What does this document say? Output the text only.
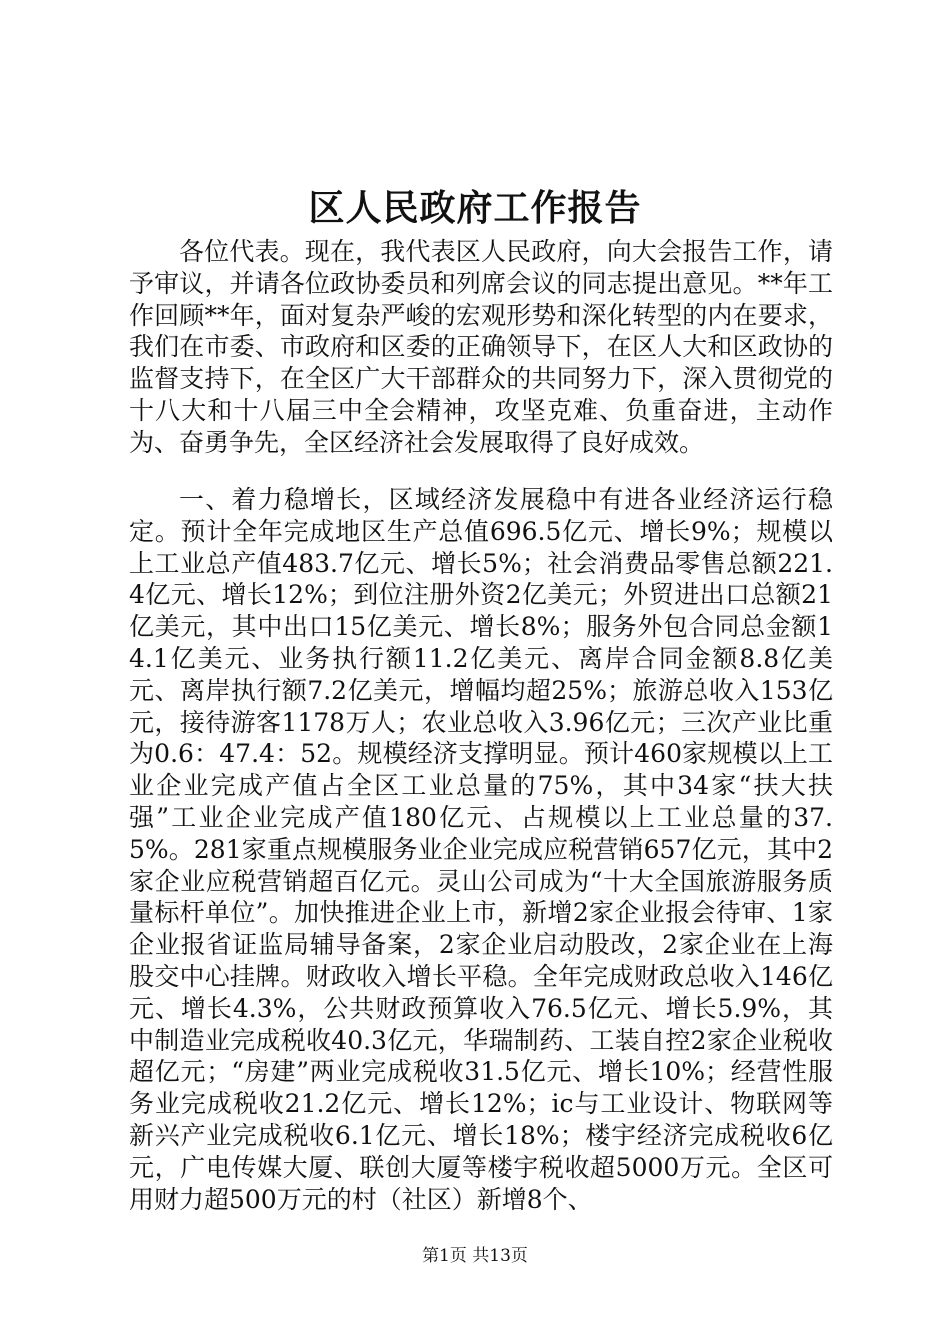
区人民政府工作报告

各位代表。现在，我代表区人民政府，向大会报告工作，请予审议，并请各位政协委员和列席会议的同志提出意见。**年工作回顾**年，面对复杂严峻的宏观形势和深化转型的内在要求，我们在市委、市政府和区委的正确领导下，在区人大和区政协的监督支持下，在全区广大干部群众的共同努力下，深入贯彻党的十八大和十八届三中全会精神，攻坚克难、负重奋进，主动作为、奋勇争先，全区经济社会发展取得了良好成效。

一、着力稳增长，区域经济发展稳中有进各业经济运行稳定。预计全年完成地区生产总值696.5亿元、增长9%；规模以上工业总产值483.7亿元、增长5%；社会消费品零售总额221.4亿元、增长12%；到位注册外资2亿美元；外贸进出口总额21亿美元，其中出口15亿美元、增长8%；服务外包合同总金额14.1亿美元、业务执行额11.2亿美元、离岸合同金额8.8亿美元、离岸执行额7.2亿美元，增幅均超25%；旅游总收入153亿元，接待游客1178万人；农业总收入3.96亿元；三次产业比重为0.6：47.4：52。规模经济支撑明显。预计460家规模以上工业企业完成产值占全区工业总量的75%，其中34家“扶大扶强”工业企业完成产值180亿元、占规模以上工业总量的37.5%。281家重点规模服务业企业完成应税营销657亿元，其中2家企业应税营销超百亿元。灵山公司成为“十大全国旅游服务质量标杆单位”。加快推进企业上市，新增2家企业报会待审、1家企业报省证监局辅导备案，2家企业启动股改，2家企业在上海股交中心挂牌。财政收入增长平稳。全年完成财政总收入146亿元、增长4.3%，公共财政预算收入76.5亿元、增长5.9%，其中制造业完成税收40.3亿元，华瑞制药、工装自控2家企业税收超亿元；“房建”两业完成税收31.5亿元、增长10%；经营性服务业完成税收21.2亿元、增长12%；ic与工业设计、物联网等新兴产业完成税收6.1亿元、增长18%；楼宇经济完成税收6亿元，广电传媒大厦、联创大厦等楼宇税收超5000万元。全区可用财力超500万元的村（社区）新增8个、

第1页 共13页
